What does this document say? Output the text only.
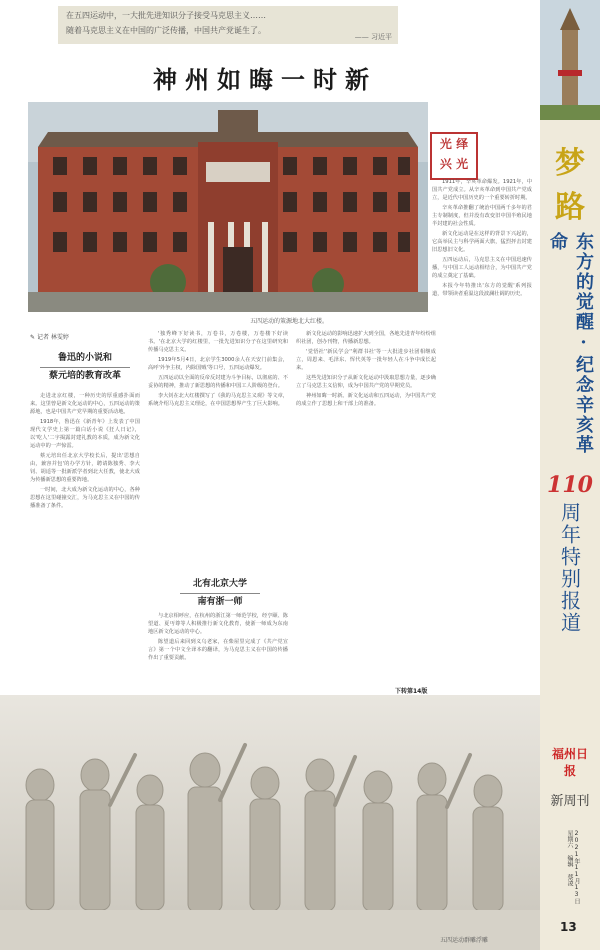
在五四运动中，一大批先进知识分子接受马克思主义……

随着马克思主义在中国的广泛传播，中国共产党诞生了。

—— 习近平
神州如晦一时新
五四运动的策源地北大红楼。
光 绎
兴 光
✎ 记者 林雯婷
鲁迅的小说和
蔡元培的教育改革

走进北京红楼，一种历史的厚重感扑面而来。这里曾是新文化运动的中心，五四运动的策源地，也是中国共产党早期的重要活动地。

1918年，鲁迅在《新青年》上发表了中国现代文学史上第一篇白话小说《狂人日记》，以'吃人'二字揭露封建礼教的本质，成为新文化运动中的一声惊雷。

蔡元培出任北京大学校长后，提出'思想自由，兼容并包'的办学方针，聘请陈独秀、李大钊、胡适等一批新派学者到北大任教，使北大成为传播新思想的重要阵地。

一时间，北大成为新文化运动的中心，各种思想在这里碰撞交汇，为马克思主义在中国的传播准备了条件。

'独秀峰下好读书，万卷书，万卷楼，万卷楼下好读书。'在北京大学的红楼里，一批先进知识分子在这里研究和传播马克思主义。

1919年5月4日，北京学生3000余人在天安门前集会，高呼'外争主权，内除国贼'等口号，五四运动爆发。

五四运动以全面的反帝反封建为斗争目标，以彻底的、不妥协的精神，推动了新思想的传播和中国工人阶级的登台。

李大钊在北大红楼撰写了《我的马克思主义观》等文章，系统介绍马克思主义理论，在中国思想界产生了巨大影响。

北有北京大学
南有浙一师

与北京相呼应，在杭州的浙江第一师范学校，经亨颐、陈望道、夏丏尊等人积极推行新文化教育，使浙一师成为东南地区新文化运动的中心。

陈望道后来回到义乌老家，在柴屋里完成了《共产党宣言》第一个中文全译本的翻译，为马克思主义在中国的传播作出了重要贡献。

新文化运动的影响迅速扩大到全国，各地先进青年纷纷组织社团，创办刊物，传播新思想。

'觉悟社''新民学会''利群书社'等一大批进步社团相继成立，周恩来、毛泽东、恽代英等一批年轻人在斗争中成长起来。

这些先进知识分子从新文化运动中汲取思想力量，逐步确立了马克思主义信仰，成为中国共产党的早期党员。

神州如晦一时新。新文化运动和五四运动，为中国共产党的成立作了思想上和干部上的准备。

下转第14版

1911年，辛亥革命爆发。1921年，中国共产党成立。从辛亥革命到中国共产党成立，是近代中国历史的一个重要转折时期。

辛亥革命推翻了统治中国两千多年的君主专制制度，但并没有改变旧中国半殖民地半封建的社会性质。

新文化运动是在这样的背景下兴起的，它高举民主与科学两面大旗，猛烈抨击封建旧思想旧文化。

五四运动后，马克思主义在中国迅速传播，与中国工人运动相结合，为中国共产党的成立奠定了基础。

本报今年特推出'东方的觉醒'系列报道，带领读者重温这段波澜壮阔的历史。

五四运动群雕浮雕
梦
路
东方的觉醒·纪念辛亥革命
110
周年特别报道
福州日报
新周刊
2021年11月13日 星期六 编辑 蔡凌
13
